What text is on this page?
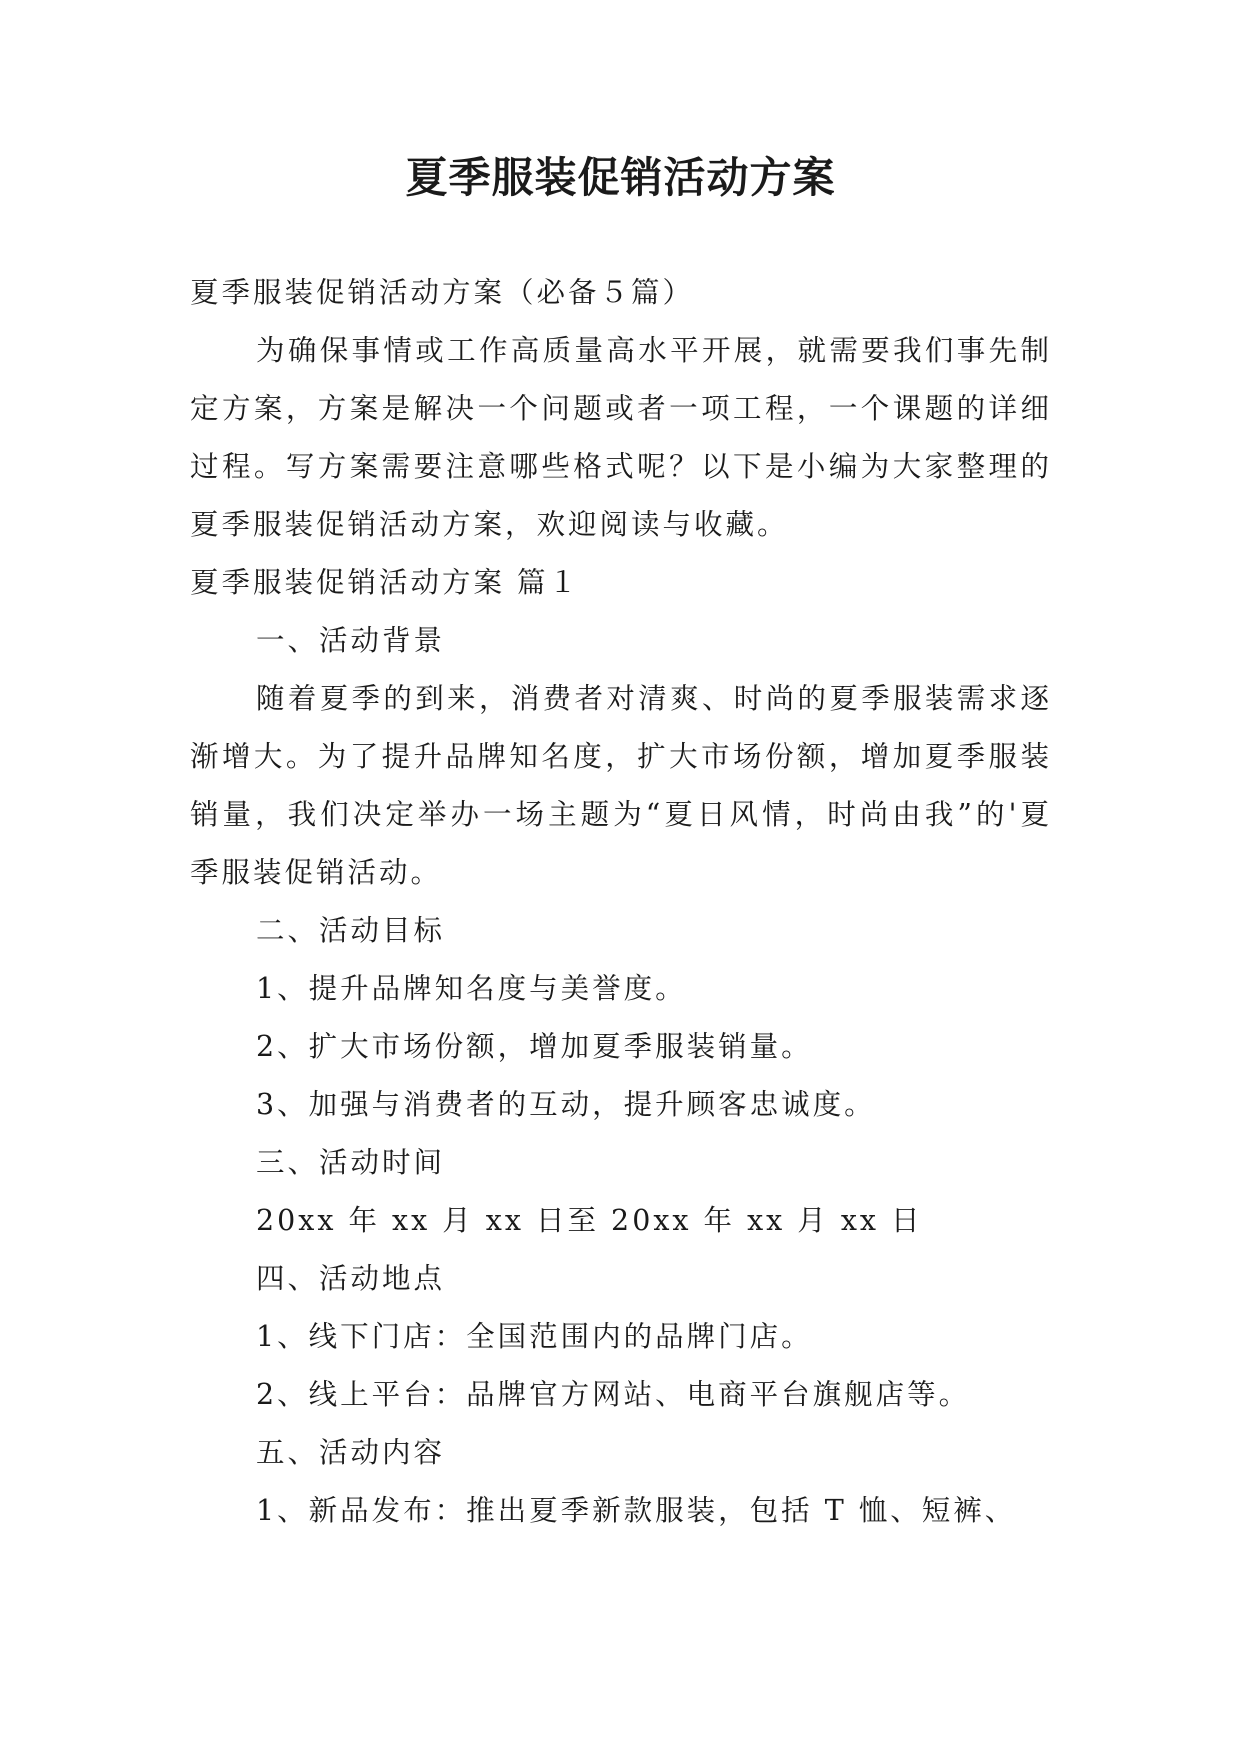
夏季服装促销活动方案
夏季服装促销活动方案（必备５篇）
为确保事情或工作高质量高水平开展，就需要我们事先制定方案，方案是解决一个问题或者一项工程，一个课题的详细过程。写方案需要注意哪些格式呢？以下是小编为大家整理的夏季服装促销活动方案，欢迎阅读与收藏。
夏季服装促销活动方案 篇１
一、活动背景
随着夏季的到来，消费者对清爽、时尚的夏季服装需求逐渐增大。为了提升品牌知名度，扩大市场份额，增加夏季服装销量，我们决定举办一场主题为“夏日风情，时尚由我”的'夏季服装促销活动。
二、活动目标
1、提升品牌知名度与美誉度。
2、扩大市场份额，增加夏季服装销量。
3、加强与消费者的互动，提升顾客忠诚度。
三、活动时间
20xx 年 xx 月 xx 日至 20xx 年 xx 月 xx 日
四、活动地点
1、线下门店：全国范围内的品牌门店。
2、线上平台：品牌官方网站、电商平台旗舰店等。
五、活动内容
1、新品发布：推出夏季新款服装，包括 T 恤、短裤、
